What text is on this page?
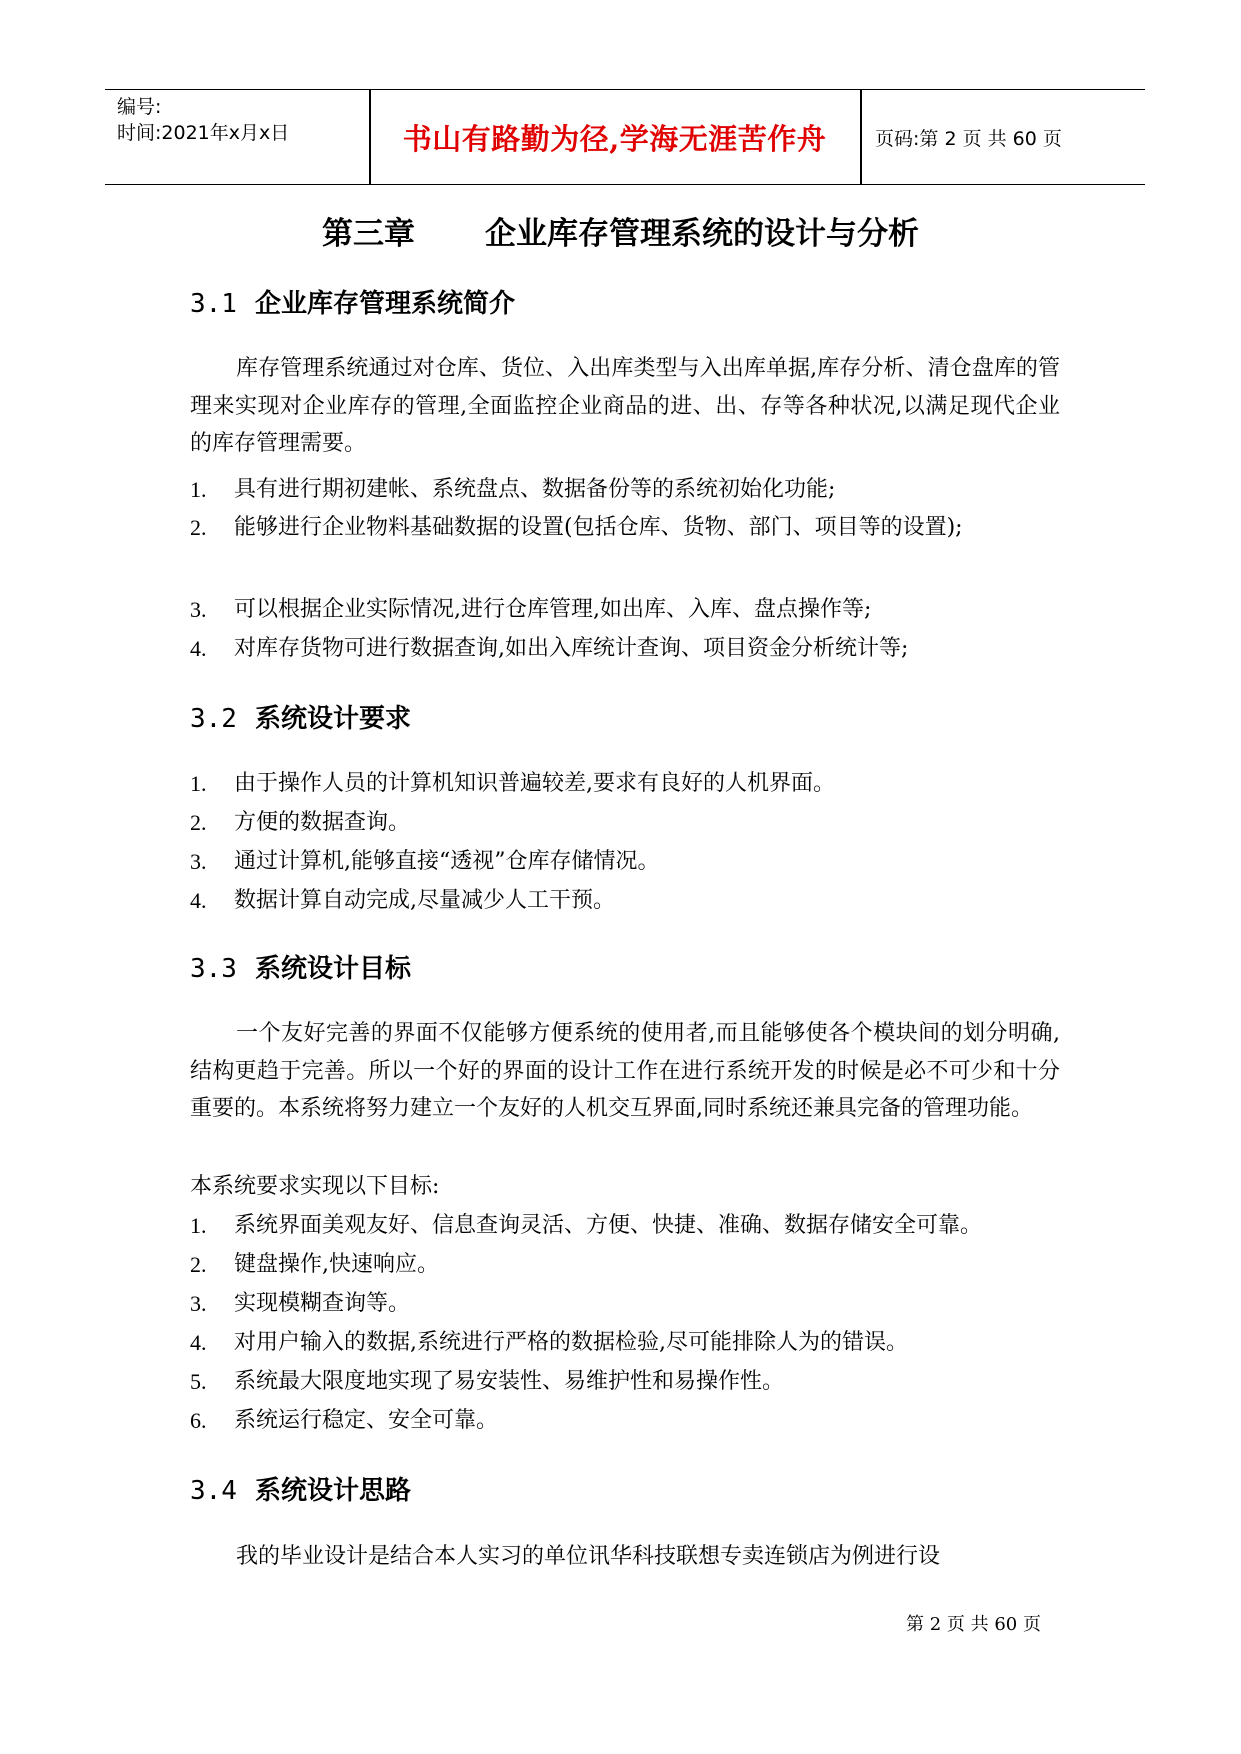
编号:
时间:2021年x月x日	书山有路勤为径,学海无涯苦作舟	页码:第 2 页 共 60 页
第三章 企业库存管理系统的设计与分析
3.1 企业库存管理系统简介
库存管理系统通过对仓库、货位、入出库类型与入出库单据,库存分析、清仓盘库的管理来实现对企业库存的管理,全面监控企业商品的进、出、存等各种状况,以满足现代企业的库存管理需要。
1. 具有进行期初建帐、系统盘点、数据备份等的系统初始化功能;
2. 能够进行企业物料基础数据的设置(包括仓库、货物、部门、项目等的设置);
3. 可以根据企业实际情况,进行仓库管理,如出库、入库、盘点操作等;
4. 对库存货物可进行数据查询,如出入库统计查询、项目资金分析统计等;
3.2 系统设计要求
1. 由于操作人员的计算机知识普遍较差,要求有良好的人机界面。
2. 方便的数据查询。
3. 通过计算机,能够直接“透视”仓库存储情况。
4. 数据计算自动完成,尽量减少人工干预。
3.3 系统设计目标
一个友好完善的界面不仅能够方便系统的使用者,而且能够使各个模块间的划分明确,结构更趋于完善。所以一个好的界面的设计工作在进行系统开发的时候是必不可少和十分重要的。本系统将努力建立一个友好的人机交互界面,同时系统还兼具完备的管理功能。
本系统要求实现以下目标:
1. 系统界面美观友好、信息查询灵活、方便、快捷、准确、数据存储安全可靠。
2. 键盘操作,快速响应。
3. 实现模糊查询等。
4. 对用户输入的数据,系统进行严格的数据检验,尽可能排除人为的错误。
5. 系统最大限度地实现了易安装性、易维护性和易操作性。
6. 系统运行稳定、安全可靠。
3.4 系统设计思路
我的毕业设计是结合本人实习的单位讯华科技联想专卖连锁店为例进行设
第 2 页 共 60 页
